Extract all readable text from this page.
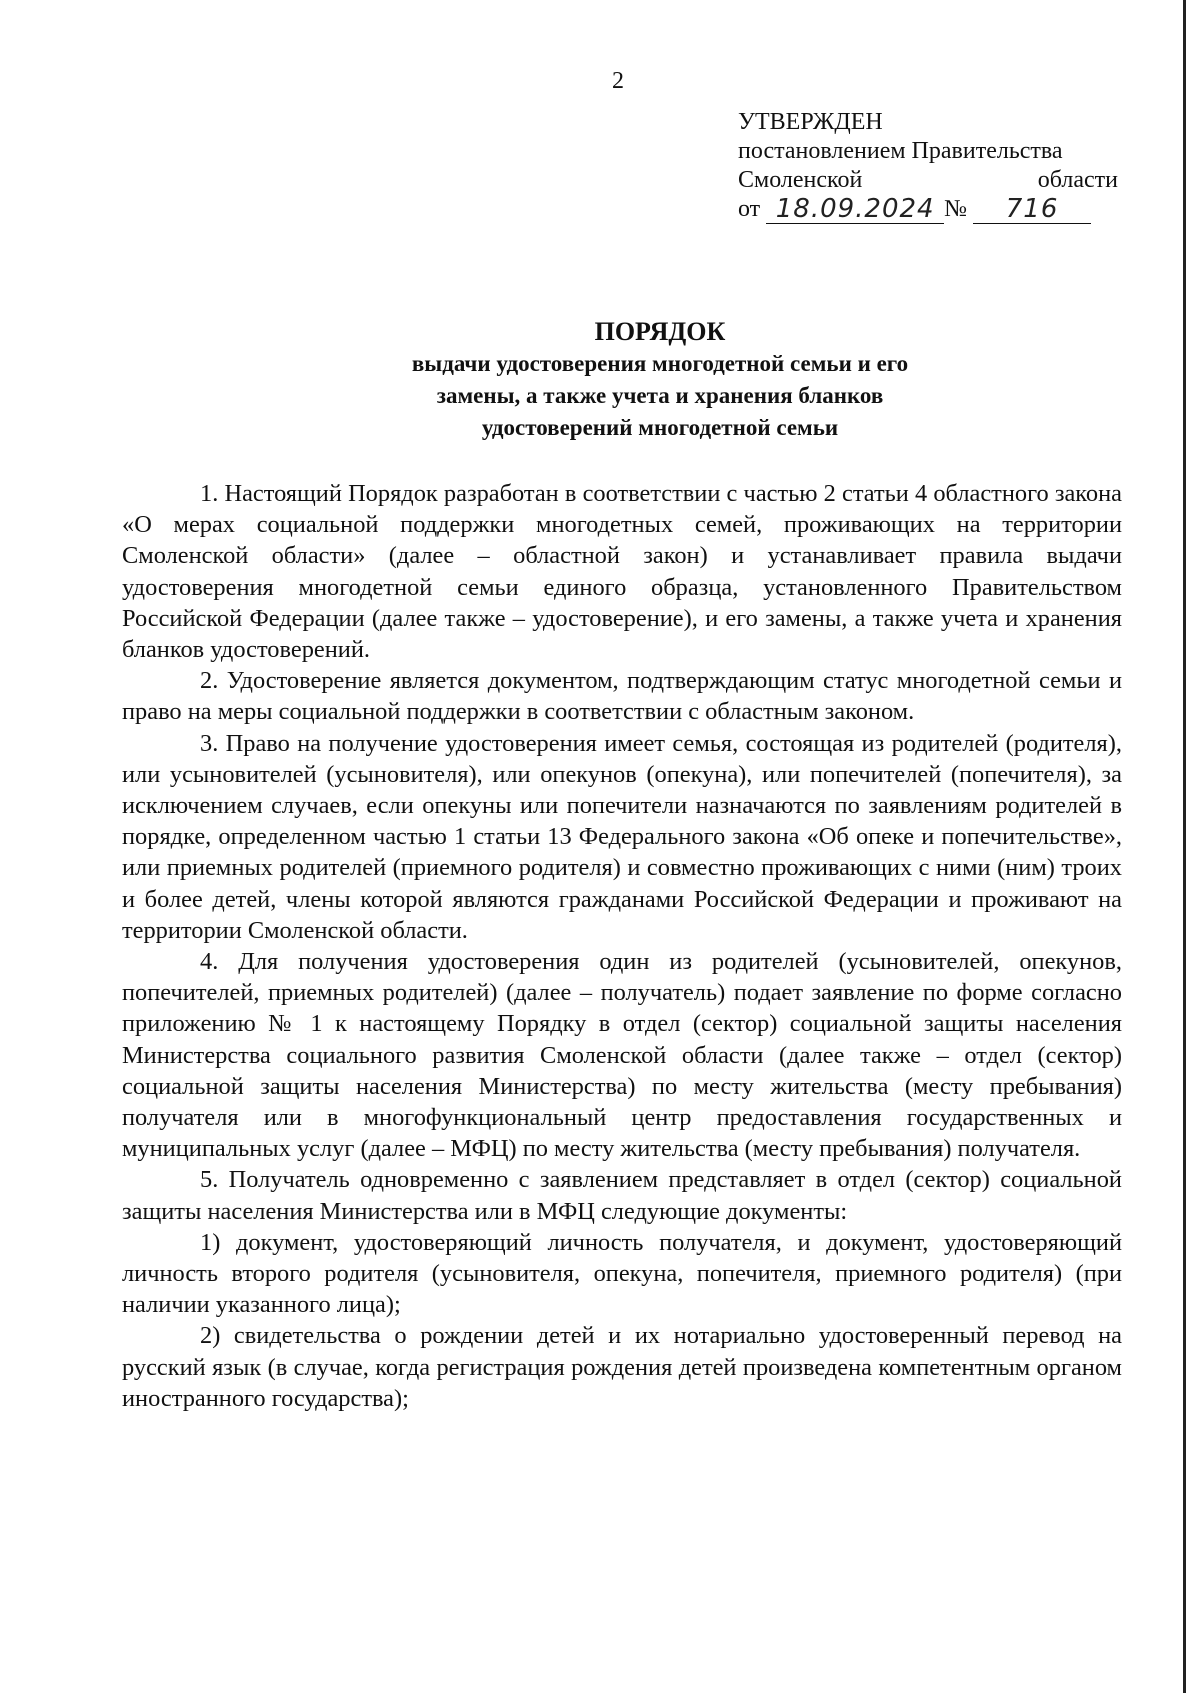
2
УТВЕРЖДЕН
постановлением Правительства
Смоленской	области
от
18.09.2024 №
	716
ПОРЯДОК
выдачи удостоверения многодетной семьи и его
замены, а также учета и хранения бланков
удостоверений многодетной семьи

1. Настоящий Порядок разработан в соответствии с частью 2 статьи 4 областного закона «О мерах социальной поддержки многодетных семей, проживающих на территории Смоленской области» (далее – областной закон) и устанавливает правила выдачи удостоверения многодетной семьи единого образца, установленного Правительством Российской Федерации (далее также – удостоверение), и его замены, а также учета и хранения бланков удостоверений.

2. Удостоверение является документом, подтверждающим статус многодетной семьи и право на меры социальной поддержки в соответствии с областным законом.

3. Право на получение удостоверения имеет семья, состоящая из родителей (родителя), или усыновителей (усыновителя), или опекунов (опекуна), или попечителей (попечителя), за исключением случаев, если опекуны или попечители назначаются по заявлениям родителей в порядке, определенном частью 1 статьи 13 Федерального закона «Об опеке и попечительстве», или приемных родителей (приемного родителя) и совместно проживающих с ними (ним) троих и более детей, члены которой являются гражданами Российской Федерации и проживают на территории Смоленской области.

4. Для получения удостоверения один из родителей (усыновителей, опекунов, попечителей, приемных родителей) (далее – получатель) подает заявление по форме согласно приложению № 1 к настоящему Порядку в отдел (сектор) социальной защиты населения Министерства социального развития Смоленской области (далее также – отдел (сектор) социальной защиты населения Министерства) по месту жительства (месту пребывания) получателя или в многофункциональный центр предоставления государственных и муниципальных услуг (далее – МФЦ) по месту жительства (месту пребывания) получателя.

5. Получатель одновременно с заявлением представляет в отдел (сектор) социальной защиты населения Министерства или в МФЦ следующие документы:

1) документ, удостоверяющий личность получателя, и документ, удостоверяющий личность второго родителя (усыновителя, опекуна, попечителя, приемного родителя) (при наличии указанного лица);

2) свидетельства о рождении детей и их нотариально удостоверенный перевод на русский язык (в случае, когда регистрация рождения детей произведена компетентным органом иностранного государства);
